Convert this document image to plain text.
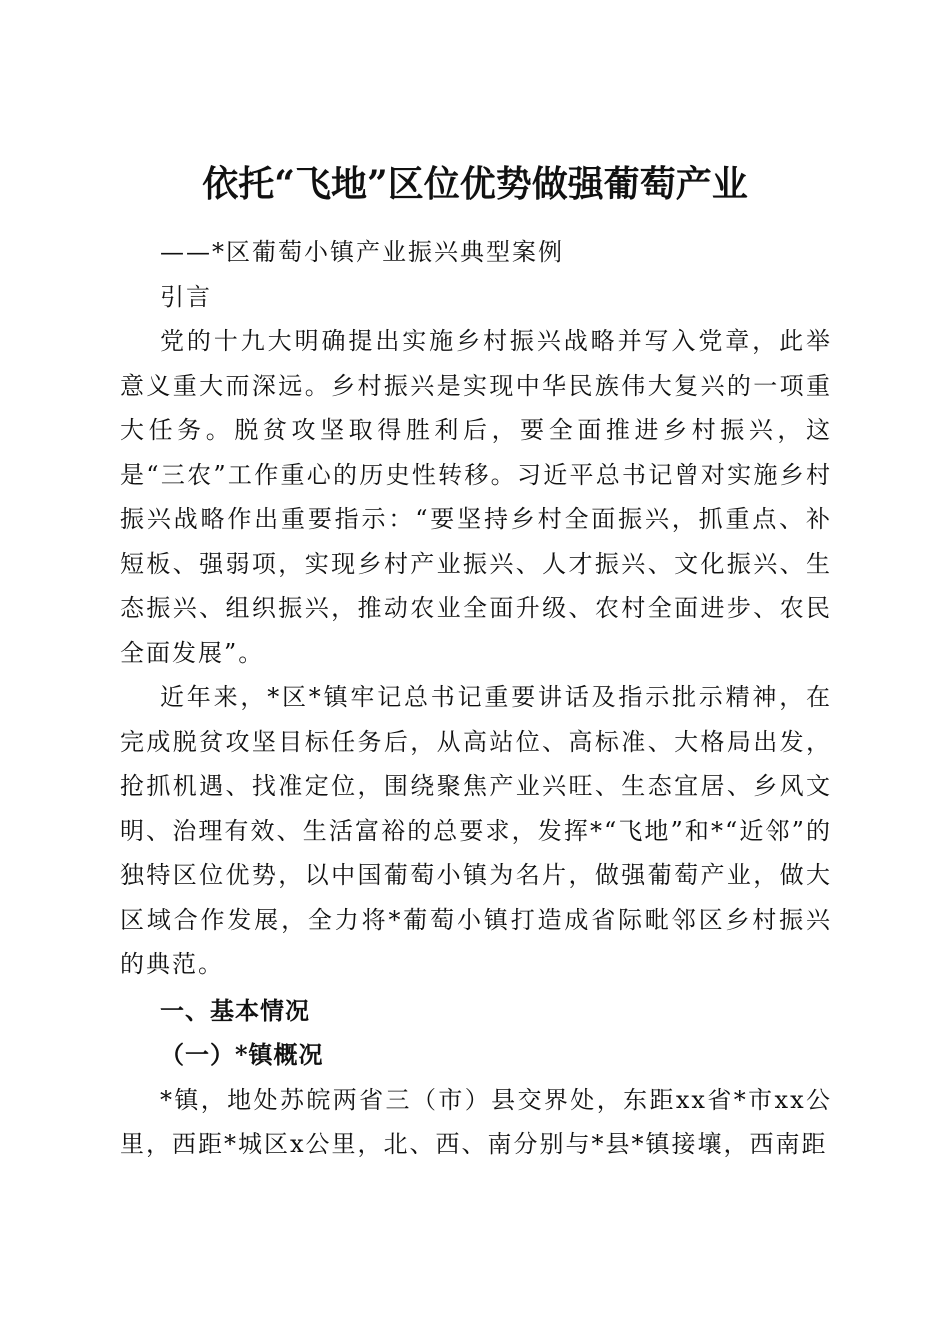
依托“飞地”区位优势做强葡萄产业

——*区葡萄小镇产业振兴典型案例

引言

党的十九大明确提出实施乡村振兴战略并写入党章，此举意义重大而深远。乡村振兴是实现中华民族伟大复兴的一项重大任务。脱贫攻坚取得胜利后，要全面推进乡村振兴，这是“三农”工作重心的历史性转移。习近平总书记曾对实施乡村振兴战略作出重要指示：“要坚持乡村全面振兴，抓重点、补短板、强弱项，实现乡村产业振兴、人才振兴、文化振兴、生态振兴、组织振兴，推动农业全面升级、农村全面进步、农民全面发展”。

近年来，*区*镇牢记总书记重要讲话及指示批示精神，在完成脱贫攻坚目标任务后，从高站位、高标准、大格局出发，抢抓机遇、找准定位，围绕聚焦产业兴旺、生态宜居、乡风文明、治理有效、生活富裕的总要求，发挥*“飞地”和*“近邻”的独特区位优势，以中国葡萄小镇为名片，做强葡萄产业，做大区域合作发展，全力将*葡萄小镇打造成省际毗邻区乡村振兴的典范。

一、基本情况

（一）*镇概况

*镇，地处苏皖两省三（市）县交界处，东距xx省*市xx公里，西距*城区x公里，北、西、南分别与*县*镇接壤，西南距
